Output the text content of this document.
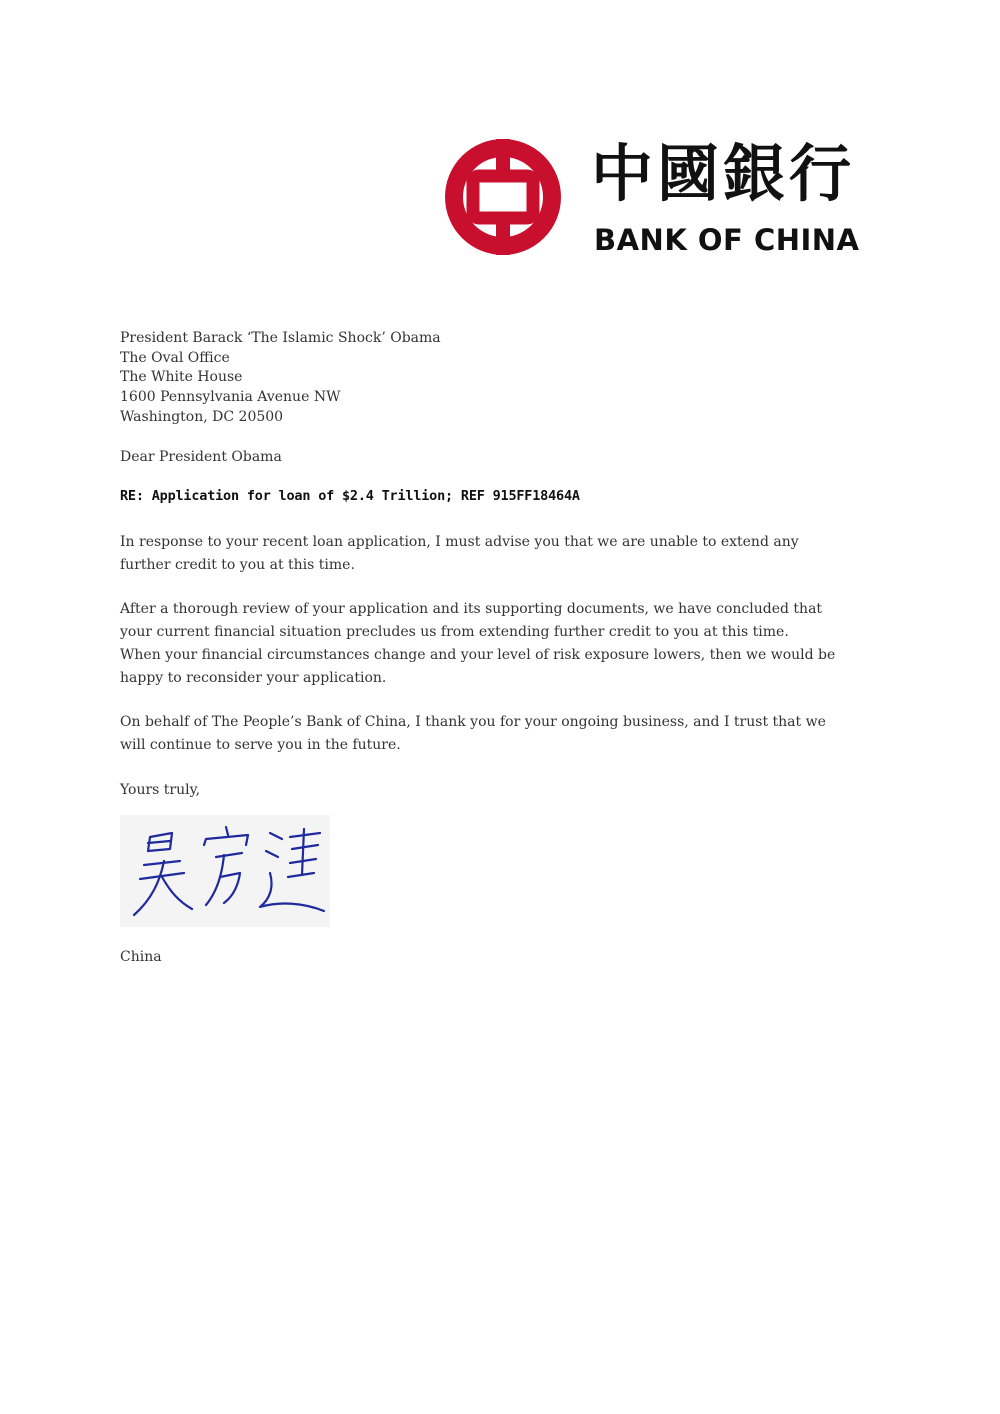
中國銀行
BANK OF CHINA
President Barack ‘The Islamic Shock’ Obama
The Oval Office
The White House
1600 Pennsylvania Avenue NW
Washington, DC 20500
Dear President Obama
RE: Application for loan of $2.4 Trillion; REF 915FF18464A
In response to your recent loan application, I must advise you that we are unable to extend any
further credit to you at this time.
After a thorough review of your application and its supporting documents, we have concluded that
your current financial situation precludes us from extending further credit to you at this time.
When your financial circumstances change and your level of risk exposure lowers, then we would be
happy to reconsider your application.
On behalf of The People’s Bank of China, I thank you for your ongoing business, and I trust that we
will continue to serve you in the future.
Yours truly,
China
